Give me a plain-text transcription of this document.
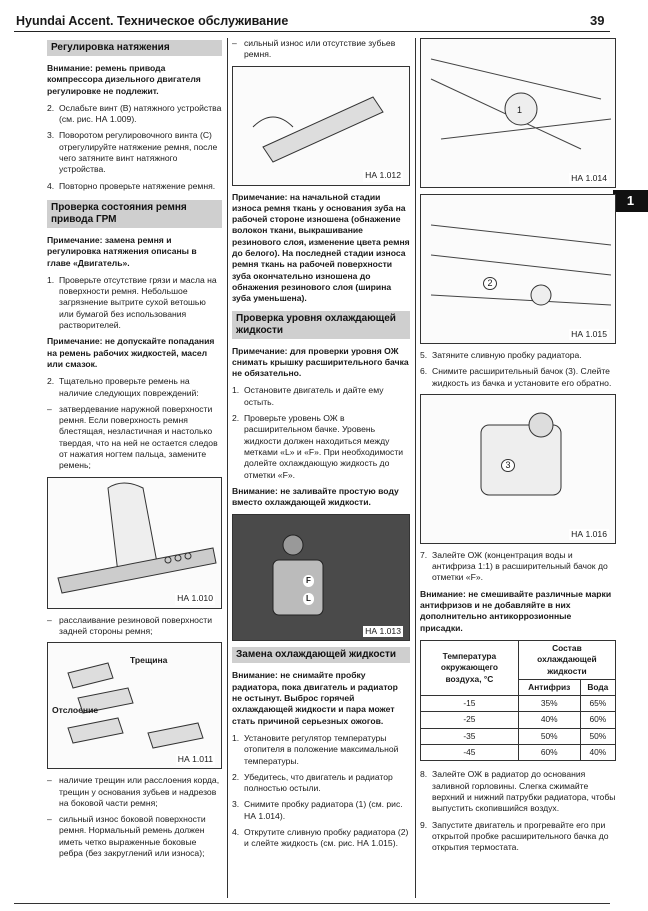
Hyundai Accent. Техническое обслуживание	39
1
Регулировка натяжения

Внимание: ремень привода компрессора дизельного двигателя регулировке не подлежит.

2. Ослабьте винт (В) натяжного устройства (см. рис. НА 1.009).
3. Поворотом регулировочного винта (С) отрегулируйте натяжение ремня, после чего затяните винт натяжного устройства.
4. Повторно проверьте натяжение ремня.
Проверка состояния ремня привода ГРМ

Примечание: замена ремня и регулировка натяжения описаны в главе «Двигатель».

1. Проверьте отсутствие грязи и масла на поверхности ремня. Небольшое загрязнение вытрите сухой ветошью или бумагой без использования растворителей.

Примечание: не допускайте попадания на ремень рабочих жидкостей, масел или смазок.

2. Тщательно проверьте ремень на наличие следующих повреждений:
– затвердевание наружной поверхности ремня. Если поверхность ремня блестящая, незластичная и настолько твердая, что на ней не остается следов от нажатия ногтем пальца, замените ремень;
НА 1.010
– расслаивание резиновой поверхности задней стороны ремня;
Трещина
Отслоение
НА 1.011
– наличие трещин или расслоения корда, трещин у основания зубьев и надрезов на боковой части ремня;
– сильный износ боковой поверхности ремня. Нормальный ремень должен иметь четко выраженные боковые ребра (без закруглений или износа);
– сильный износ или отсутствие зубьев ремня.
НА 1.012

Примечание: на начальной стадии износа ремня ткань у основания зуба на рабочей стороне изношена (обнажение волокон ткани, выкрашивание резинового слоя, изменение цвета ремня до белого). На последней стадии износа ремня ткань на рабочей поверхности зуба окончательно изношена до обнажения резинового слоя (ширина зуба уменьшена).

Проверка уровня охлаждающей жидкости

Примечание: для проверки уровня ОЖ снимать крышку расширительного бачка не обязательно.

1. Остановите двигатель и дайте ему остыть.
2. Проверьте уровень ОЖ в расширительном бачке. Уровень жидкости должен находиться между метками «L» и «F». При необходимости долейте охлаждающую жидкость до отметки «F».

Внимание: не заливайте простую воду вместо охлаждающей жидкости.

F
L
НА 1.013
Замена охлаждающей жидкости

Внимание: не снимайте пробку радиатора, пока двигатель и радиатор не остынут. Выброс горячей охлаждающей жидкости и пара может стать причиной серьезных ожогов.

1. Установите регулятор температуры отопителя в положение максимальной температуры.
2. Убедитесь, что двигатель и радиатор полностью остыли.
3. Снимите пробку радиатора (1) (см. рис. НА 1.014).
4. Открутите сливную пробку радиатора (2) и слейте жидкость (см. рис. НА 1.015).
1
НА 1.014
2
НА 1.015
5. Затяните сливную пробку радиатора.
6. Снимите расширительный бачок (3). Слейте жидкость из бачка и установите его обратно.
3
НА 1.016
7. Залейте ОЖ (концентрация воды и антифриза 1:1) в расширительный бачок до отметки «F».

Внимание: не смешивайте различные марки антифризов и не добавляйте в них дополнительно антикоррозионные присадки.

Температура окружающего воздуха, °С	Состав охлаждающей жидкости	
	Антифриз	Вода
-15	35%	65%
-25	40%	60%
-35	50%	50%
-45	60%	40%
8. Залейте ОЖ в радиатор до основания заливной горловины. Слегка сжимайте верхний и нижний патрубки радиатора, чтобы выпустить скопившийся воздух.
9. Запустите двигатель и прогревайте его при открытой пробке расширительного бачка до открытия термостата.
